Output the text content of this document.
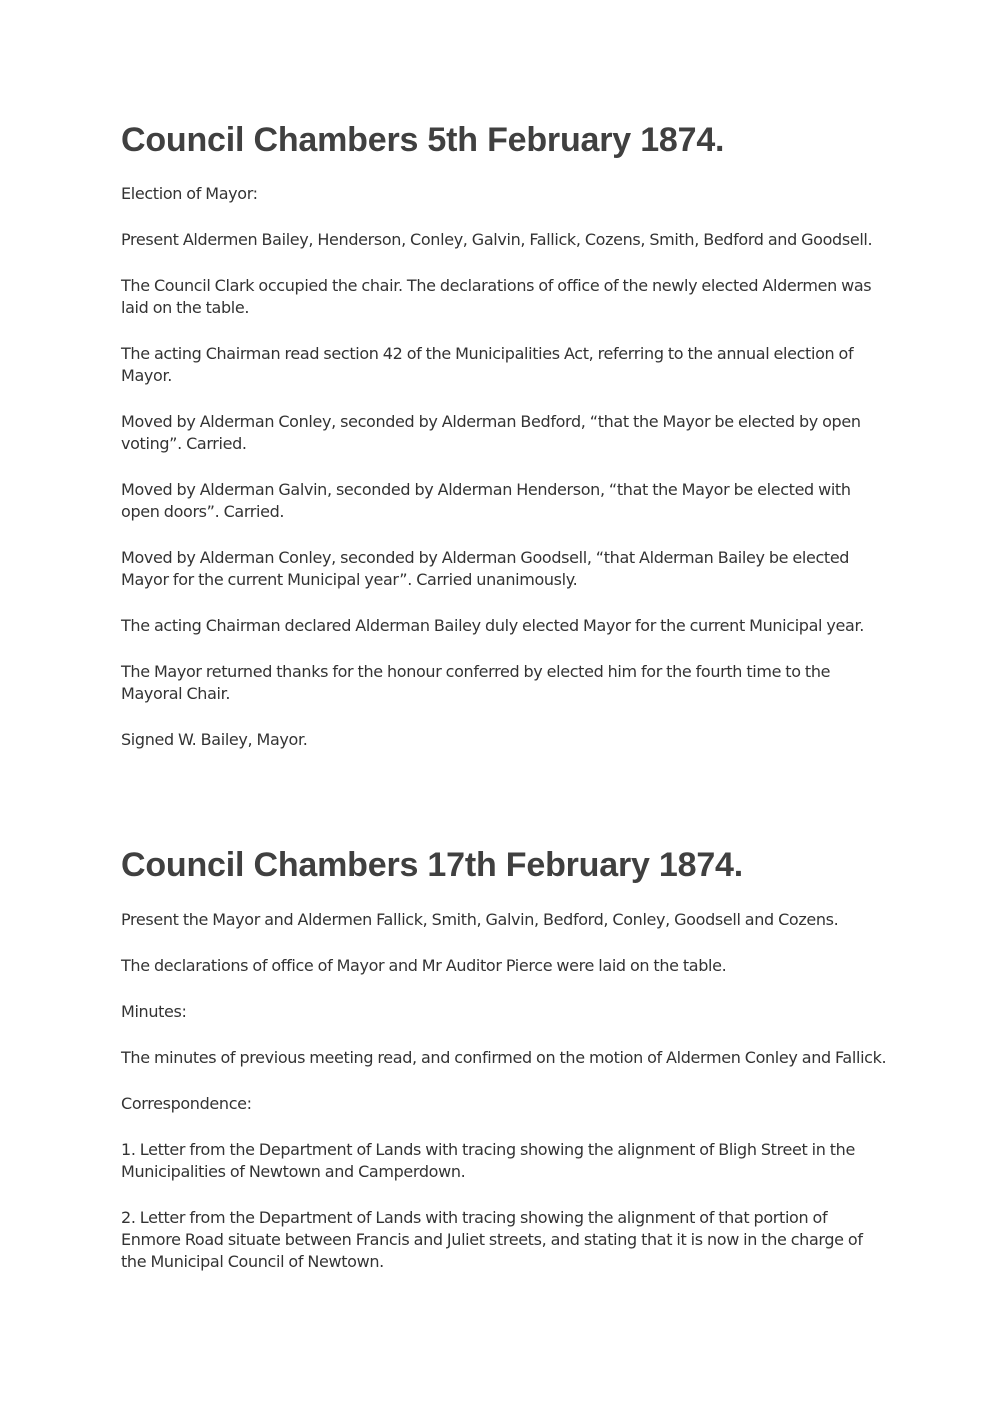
Council Chambers 5th February 1874.

Election of Mayor:

Present Aldermen Bailey, Henderson, Conley, Galvin, Fallick, Cozens, Smith, Bedford and Goodsell.

The Council Clark occupied the chair. The declarations of office of the newly elected Aldermen was laid on the table.

The acting Chairman read section 42 of the Municipalities Act, referring to the annual election of Mayor.

Moved by Alderman Conley, seconded by Alderman Bedford, “that the Mayor be elected by open voting”. Carried.

Moved by Alderman Galvin, seconded by Alderman Henderson, “that the Mayor be elected with open doors”. Carried.

Moved by Alderman Conley, seconded by Alderman Goodsell, “that Alderman Bailey be elected Mayor for the current Municipal year”. Carried unanimously.

The acting Chairman declared Alderman Bailey duly elected Mayor for the current Municipal year.

The Mayor returned thanks for the honour conferred by elected him for the fourth time to the Mayoral Chair.

Signed W. Bailey, Mayor.

Council Chambers 17th February 1874.

Present the Mayor and Aldermen Fallick, Smith, Galvin, Bedford, Conley, Goodsell and Cozens.

The declarations of office of Mayor and Mr Auditor Pierce were laid on the table.

Minutes:

The minutes of previous meeting read, and confirmed on the motion of Aldermen Conley and Fallick.

Correspondence:

1. Letter from the Department of Lands with tracing showing the alignment of Bligh Street in the Municipalities of Newtown and Camperdown.

2. Letter from the Department of Lands with tracing showing the alignment of that portion of Enmore Road situate between Francis and Juliet streets, and stating that it is now in the charge of the Municipal Council of Newtown.
